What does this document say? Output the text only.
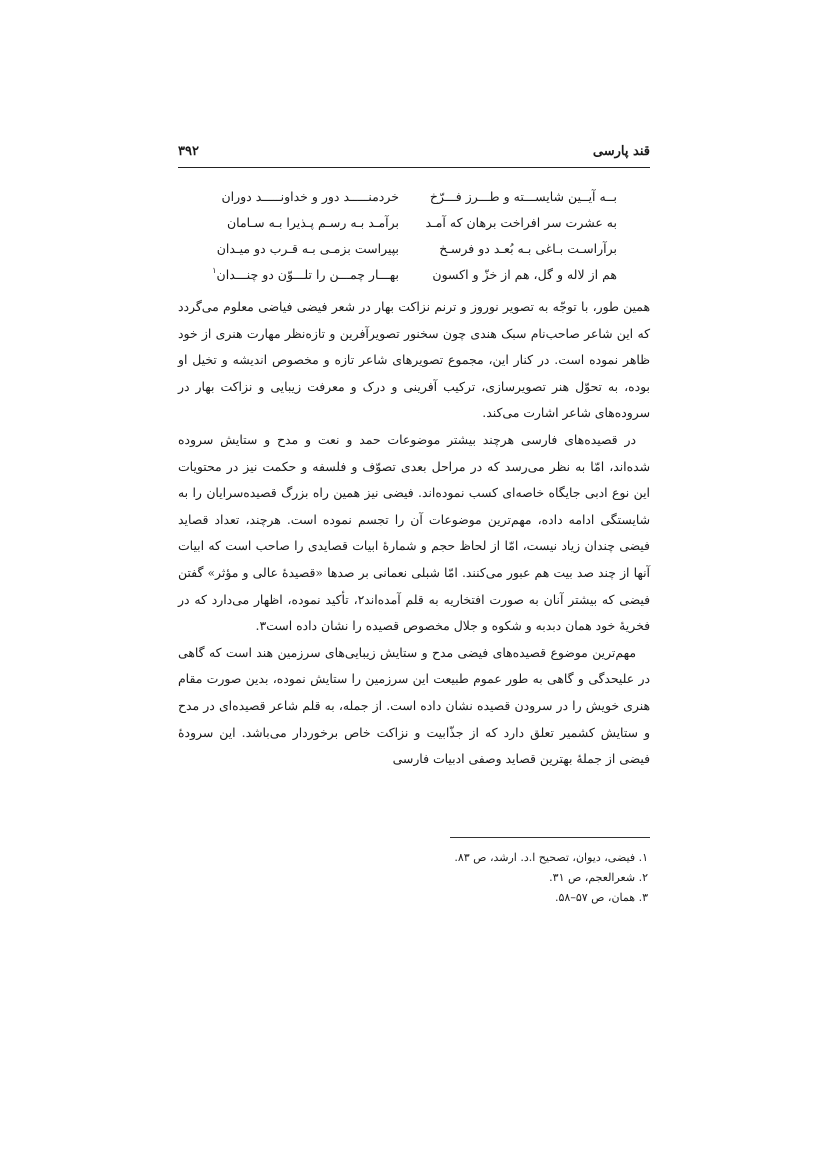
قند پارسی
۳۹۲
بــه آیــین شایســـته و طـــرز فـــرّخ
خردمنـــــد دور و خداونـــــد دوران
به عشرت سر افراخت برهان که آمـد
برآمـد بـه رسـم پـذیرا بـه سـامان
برآراسـت بـاغی بـه بُعـد دو فرسـخ
بپیراست بزمـی بـه قـرب دو میـدان
هم از لاله و گل، هم از خزّ و اکسون
بهـــار چمـــن را تلـــوّن دو چنـــدان$^۱$

همین طور، با توجّه به تصویر نوروز و ترنم نزاکت بهار در شعر فیضی فیاضی معلوم می‌گردد که این شاعر صاحب‌نام سبک هندی چون سخنور تصویرآفرین و تازه‌نظر مهارت هنری از خود ظاهر نموده است. در کنار این، مجموع تصویرهای شاعر تازه و مخصوص اندیشه و تخیل او بوده، به تحوّل هنر تصویرسازی، ترکیب آفرینی و درک و معرفت زیبایی و نزاکت بهار در سروده‌های شاعر اشارت می‌کند.

در قصیده‌های فارسی هرچند بیشتر موضوعات حمد و نعت و مدح و ستایش سروده شده‌اند، امّا به نظر می‌رسد که در مراحل بعدی تصوّف و فلسفه و حکمت نیز در محتویات این نوع ادبی جایگاه خاصه‌ای کسب نموده‌اند. فیضی نیز همین راه بزرگ قصیده‌سرایان را به شایستگی ادامه داده، مهم‌ترین موضوعات آن را تجسم نموده است. هرچند، تعداد قصاید فیضی چندان زیاد نیست، امّا از لحاظ حجم و شمارهٔ ابیات قصایدی را صاحب است که ابیات آنها از چند صد بیت هم عبور می‌کنند. امّا شبلی نعمانی بر صدها «قصیدهٔ عالی و مؤثر» گفتن فیضی که بیشتر آنان به صورت افتخاریه به قلم آمده‌اند۲، تأکید نموده، اظهار می‌دارد که در فخریهٔ خود همان دبدبه و شکوه و جلال مخصوص قصیده را نشان داده است۳.

مهم‌ترین موضوع قصیده‌های فیضی مدح و ستایش زیبایی‌های سرزمین هند است که گاهی در علیحدگی و گاهی به طور عموم طبیعت این سرزمین را ستایش نموده، بدین صورت مقام هنری خویش را در سرودن قصیده نشان داده است. از جمله، به قلم شاعر قصیده‌ای در مدح و ستایش کشمیر تعلق دارد که از جذّابیت و نزاکت خاص برخوردار می‌باشد. این سرودهٔ فیضی از جملهٔ بهترین قصاید وصفی ادبیات فارسی

۱. فیضی، دیوان، تصحیح ا.د. ارشد، ص ۸۳.
۲. شعرالعجم، ص ۳۱.
۳. همان، ص ۵۷–۵۸.
